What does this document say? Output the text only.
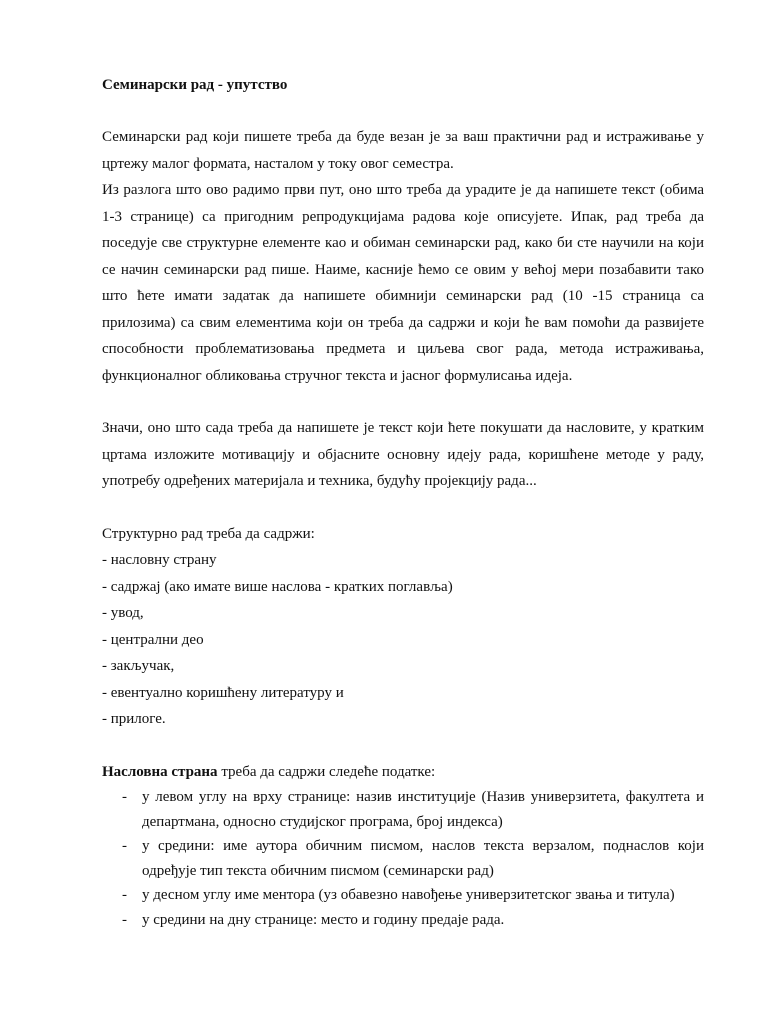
Семинарски рад - упутство

Семинарски рад који пишете треба да буде везан је за ваш практични рад и истраживање у цртежу малог формата, насталом у току овог семестра.

Из разлога што ово радимо први пут, оно што треба да урадите је да напишете текст (обима 1-3 странице) са пригодним репродукцијама радова које описујете. Ипак, рад треба да поседује све структурне елементе као и обиман семинарски рад, како би сте научили на који се начин семинарски рад пише. Наиме, касније ћемо се овим у већој мери позабавити тако што ћете имати задатак да напишете обимнији семинарски рад (10 -15 страница са прилозима) са свим елементима који он треба да садржи и који ће вам помоћи да развијете способности проблематизовања предмета и циљева свог рада, метода истраживања, функционалног обликовања стручног текста и јасног формулисања идеја.

Значи, оно што сада треба да напишете је текст који ћете покушати да насловите, у кратким цртама изложите мотивацију и објасните основну идеју рада, коришћене методе у раду, употребу одређених материјала и техника, будућу пројекцију рада...

Структурно рад треба да садржи:

- насловну страну
- садржај (ако имате више наслова - кратких поглавља)
- увод,
- централни део
- закључак,
- евентуално коришћену литературу и
- прилоге.

Насловна страна треба да садржи следеће податке:

- у левом углу на врху странице: назив институције (Назив универзитета, факултета и департмана, односно студијског програма, број индекса)
- у средини: име аутора обичним писмом, наслов текста верзалом, поднаслов који одређује тип текста обичним писмом (семинарски рад)
- у десном углу име ментора (уз обавезно навођење универзитетског звања и титула)
- у средини на дну странице: место и годину предаје рада.
